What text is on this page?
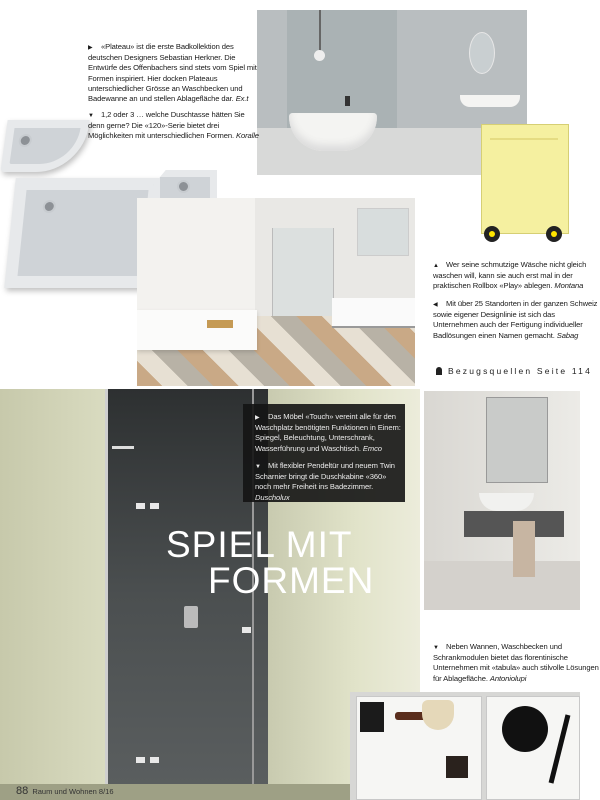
▶ «Plateau» ist die erste Badkollektion des deutschen Designers Sebastian Herkner. Die Entwürfe des Offenbachers sind stets vom Spiel mit Formen inspiriert. Hier docken Plateaus unterschiedlicher Grösse an Waschbecken und Badewanne an und stellen Ablagefläche dar. Ex.t
▼ 1,2 oder 3 … welche Duschtasse hätten Sie denn gerne? Die «120»-Serie bietet drei Möglichkeiten mit unterschiedlichen Formen. Koralle
▲ Wer seine schmutzige Wäsche nicht gleich waschen will, kann sie auch erst mal in der praktischen Rollbox «Play» ablegen. Montana
◀ Mit über 25 Standorten in der ganzen Schweiz sowie eigener Designlinie ist sich das Unternehmen auch der Fertigung individueller Badlösungen einen Namen gemacht. Sabag
Bezugsquellen Seite 114
▶ Das Möbel «Touch» vereint alle für den Waschplatz benötigten Funktionen in Einem: Spiegel, Beleuchtung, Unterschrank, Wasserführung und Waschtisch. Emco
▼ Mit flexibler Pendeltür und neuem Twin Scharnier bringt die Duschkabine «360» noch mehr Freiheit ins Badezimmer. Duscholux
SPIEL MIT
FORMEN
▼ Neben Wannen, Waschbecken und Schrankmodulen bietet das florentinische Unternehmen mit «tabula» auch stilvolle Lösungen für Ablagefläche. Antoniolupi
88 Raum und Wohnen 8/16
